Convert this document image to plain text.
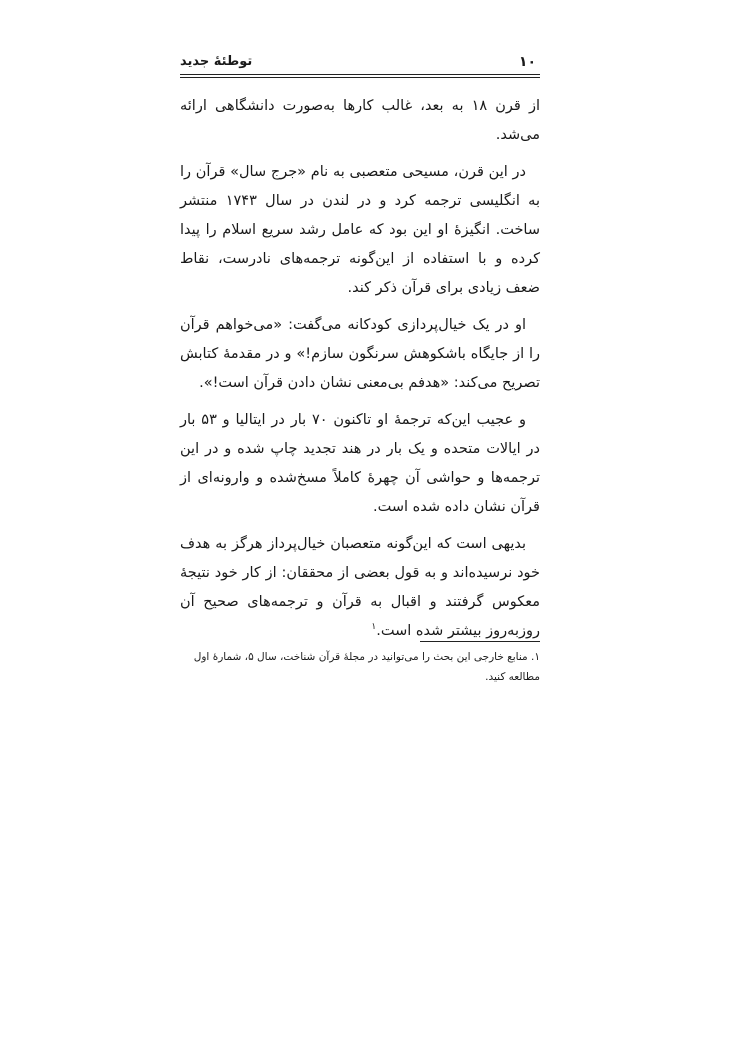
۱۰
توطئهٔ جدید

از قرن ۱۸ به بعد، غالب کارها به‌صورت دانشگاهی ارائه می‌شد.

در این قرن، مسیحی متعصبی به نام «جرج سال» قرآن را به انگلیسی ترجمه کرد و در لندن در سال ۱۷۴۳ منتشر ساخت. انگیزهٔ او این بود که عامل رشد سریع اسلام را پیدا کرده و با استفاده از این‌گونه ترجمه‌های نادرست، نقاط ضعف زیادی برای قرآن ذکر کند.

او در یک خیال‌پردازی کودکانه می‌گفت: «می‌خواهم قرآن را از جایگاه باشکوهش سرنگون سازم!» و در مقدمهٔ کتابش تصریح می‌کند: «هدفم بی‌معنی نشان دادن قرآن است!».

و عجیب این‌که ترجمهٔ او تاکنون ۷۰ بار در ایتالیا و ۵۳ بار در ایالات متحده و یک بار در هند تجدید چاپ شده و در این ترجمه‌ها و حواشی آن چهرهٔ کاملاً مسخ‌شده و وارونه‌ای از قرآن نشان داده شده است.

بدیهی است که این‌گونه متعصبان خیال‌پرداز هرگز به هدف خود نرسیده‌اند و به قول بعضی از محققان: از کار خود نتیجهٔ معکوس گرفتند و اقبال به قرآن و ترجمه‌های صحیح آن روزبه‌روز بیشتر شده است.$^۱$

۱. منابع خارجی این بحث را می‌توانید در مجلهٔ قرآن شناخت، سال ۵، شمارهٔ اول مطالعه کنید.
